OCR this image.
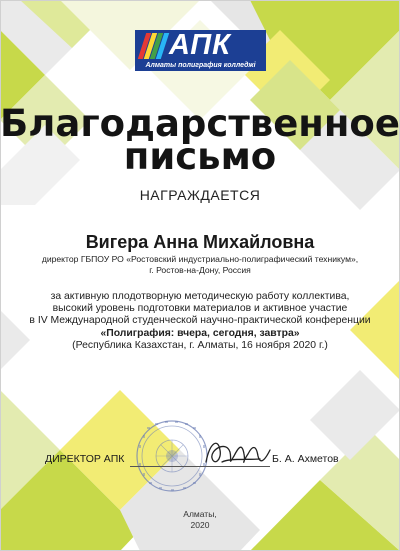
АПК
Алматы полиграфия колледжі
Благодарственное
письмо
НАГРАЖДАЕТСЯ
Вигера Анна Михайловна
директор ГБПОУ РО «Ростовский индустриально-полиграфический техникум»,
г. Ростов-на-Дону, Россия
за активную плодотворную методическую работу коллектива,
высокий уровень подготовки материалов и активное участие
в IV Международной студенческой научно-практической конференции
«Полиграфия: вчера, сегодня, завтра»
(Республика Казахстан, г. Алматы, 16 ноября 2020 г.)
ДИРЕКТОР АПК	Б. А. Ахметов
Алматы,
2020
